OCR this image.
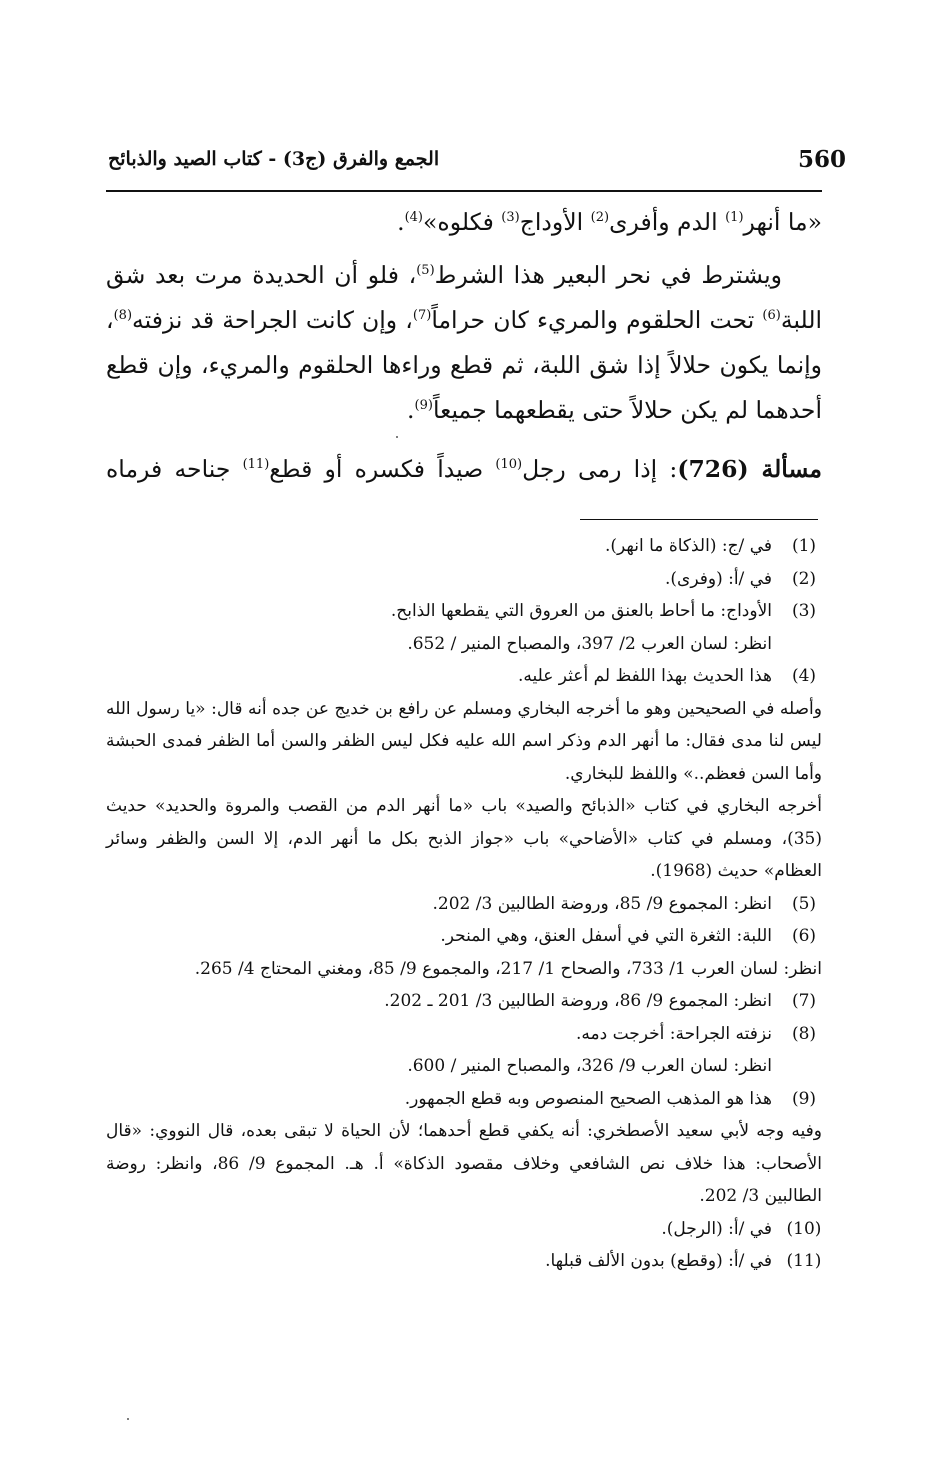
560
الجمع والفرق (ج3) - كتاب الصيد والذبائح

«ما أنهر$^{(1)}$ الدم وأفرى$^{(2)}$ الأوداج$^{(3)}$ فكلوه»$^{(4)}$.

ويشترط في نحر البعير هذا الشرط$^{(5)}$، فلو أن الحديدة مرت بعد شق اللبة$^{(6)}$ تحت الحلقوم والمريء كان حراماً$^{(7)}$، وإن كانت الجراحة قد نزفته$^{(8)}$، وإنما يكون حلالاً إذا شق اللبة، ثم قطع وراءها الحلقوم والمريء، وإن قطع أحدهما لم يكن حلالاً حتى يقطعهما جميعاً$^{(9)}$.

مسألة (726): إذا رمى رجل$^{(10)}$ صيداً فكسره أو قطع$^{(11)}$ جناحه فرماه

(1)
في /ج: (الذكاة ما انهر).
(2)
في /أ: (وفرى).
(3)
الأوداج: ما أحاط بالعنق من العروق التي يقطعها الذابح.
انظر: لسان العرب 2/ 397، والمصباح المنير / 652.
(4)
هذا الحديث بهذا اللفظ لم أعثر عليه.
وأصله في الصحيحين وهو ما أخرجه البخاري ومسلم عن رافع بن خديج عن جده أنه قال: «يا رسول الله ليس لنا مدى فقال: ما أنهر الدم وذكر اسم الله عليه فكل ليس الظفر والسن أما الظفر فمدى الحبشة وأما السن فعظم..» واللفظ للبخاري.
أخرجه البخاري في كتاب «الذبائح والصيد» باب «ما أنهر الدم من القصب والمروة والحديد» حديث (35)، ومسلم في كتاب «الأضاحي» باب «جواز الذبح بكل ما أنهر الدم، إلا السن والظفر وسائر العظام» حديث (1968).
(5)
انظر: المجموع 9/ 85، وروضة الطالبين 3/ 202.
(6)
اللبة: الثغرة التي في أسفل العنق، وهي المنحر.
انظر: لسان العرب 1/ 733، والصحاح 1/ 217، والمجموع 9/ 85، ومغني المحتاج 4/ 265.
(7)
انظر: المجموع 9/ 86، وروضة الطالبين 3/ 201 ـ 202.
(8)
نزفته الجراحة: أخرجت دمه.
انظر: لسان العرب 9/ 326، والمصباح المنير / 600.
(9)
هذا هو المذهب الصحيح المنصوص وبه قطع الجمهور.
وفيه وجه لأبي سعيد الأصطخري: أنه يكفي قطع أحدهما؛ لأن الحياة لا تبقى بعده، قال النووي: «قال الأصحاب: هذا خلاف نص الشافعي وخلاف مقصود الذكاة» أ. هـ. المجموع 9/ 86، وانظر: روضة الطالبين 3/ 202.
(10)
في /أ: (الرجل).
(11)
في /أ: (وقطع) بدون الألف قبلها.
